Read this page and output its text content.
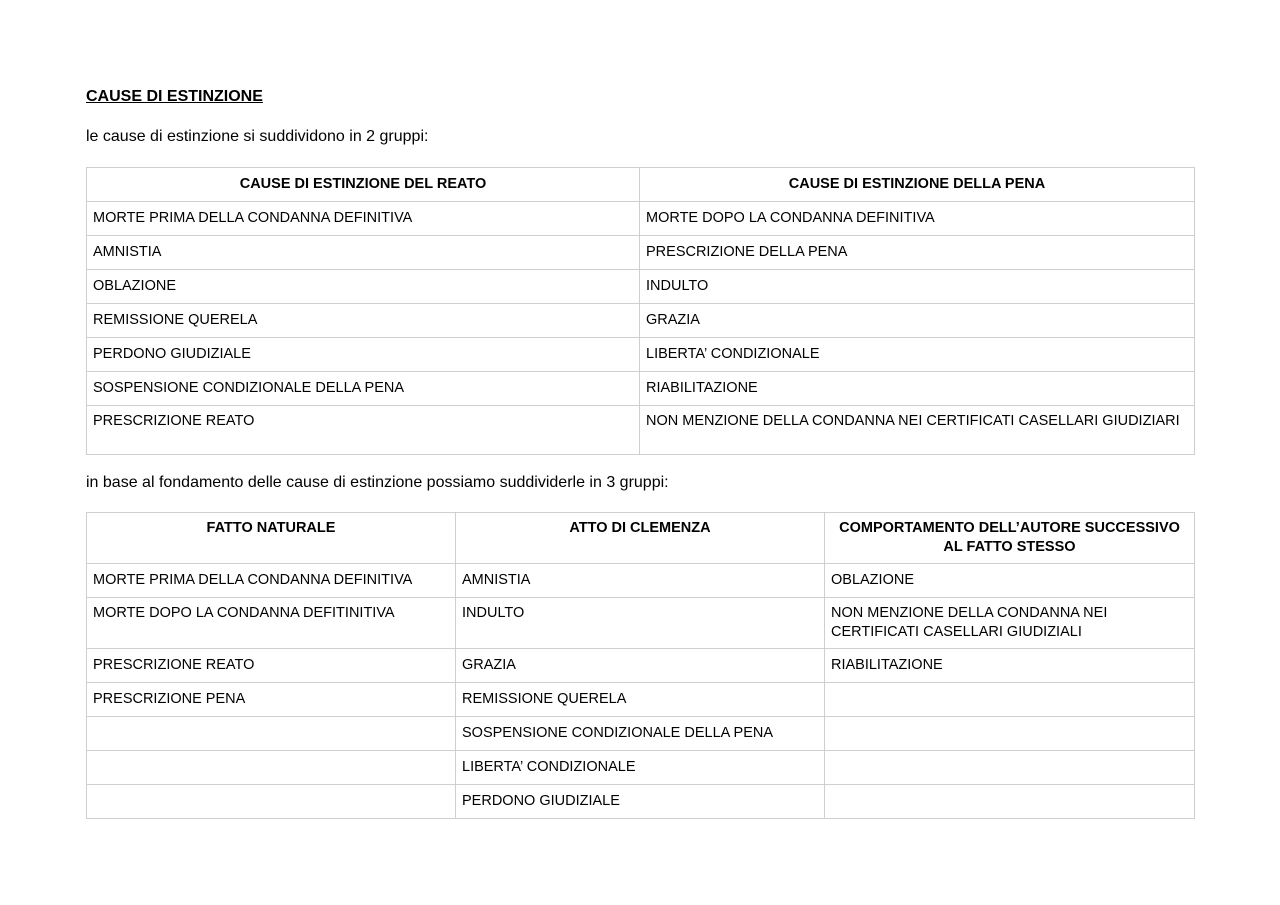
CAUSE DI ESTINZIONE
le cause di estinzione si suddividono in 2 gruppi:
CAUSE DI ESTINZIONE DEL REATO	CAUSE DI ESTINZIONE DELLA PENA
MORTE PRIMA DELLA CONDANNA DEFINITIVA	MORTE DOPO LA CONDANNA DEFINITIVA
AMNISTIA	PRESCRIZIONE DELLA PENA
OBLAZIONE	INDULTO
REMISSIONE QUERELA	GRAZIA
PERDONO GIUDIZIALE	LIBERTA’ CONDIZIONALE
SOSPENSIONE CONDIZIONALE DELLA PENA	RIABILITAZIONE
PRESCRIZIONE REATO	NON MENZIONE DELLA CONDANNA NEI CERTIFICATI CASELLARI GIUDIZIARI
in base al fondamento delle cause di estinzione possiamo suddividerle in 3 gruppi:
FATTO NATURALE	ATTO DI CLEMENZA	COMPORTAMENTO DELL’AUTORE SUCCESSIVO AL FATTO STESSO
MORTE PRIMA DELLA CONDANNA DEFINITIVA	AMNISTIA	OBLAZIONE
MORTE DOPO LA CONDANNA DEFITINITIVA	INDULTO	NON MENZIONE DELLA CONDANNA NEI CERTIFICATI CASELLARI GIUDIZIALI
PRESCRIZIONE REATO	GRAZIA	RIABILITAZIONE
PRESCRIZIONE PENA	REMISSIONE QUERELA	
	SOSPENSIONE CONDIZIONALE DELLA PENA	
	LIBERTA’ CONDIZIONALE	
	PERDONO GIUDIZIALE	
